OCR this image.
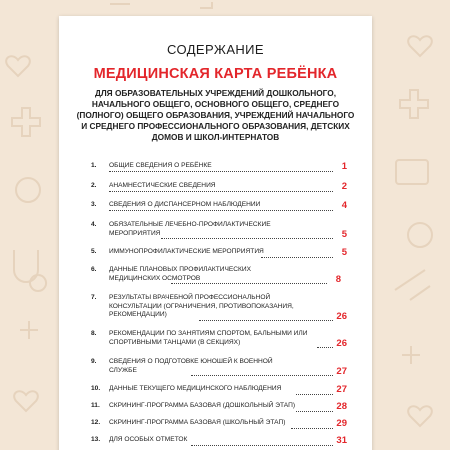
СОДЕРЖАНИЕ
МЕДИЦИНСКАЯ КАРТА РЕБЁНКА
ДЛЯ ОБРАЗОВАТЕЛЬНЫХ УЧРЕЖДЕНИЙ ДОШКОЛЬНОГО, НАЧАЛЬНОГО ОБЩЕГО, ОСНОВНОГО ОБЩЕГО, СРЕДНЕГО (ПОЛНОГО) ОБЩЕГО ОБРАЗОВАНИЯ, УЧРЕЖДЕНИЙ НАЧАЛЬНОГО И СРЕДНЕГО ПРОФЕССИОНАЛЬНОГО ОБРАЗОВАНИЯ, ДЕТСКИХ ДОМОВ И ШКОЛ-ИНТЕРНАТОВ
1.	ОБЩИЕ СВЕДЕНИЯ О РЕБЁНКЕ	1
2.	АНАМНЕСТИЧЕСКИЕ СВЕДЕНИЯ	2
3.	СВЕДЕНИЯ О ДИСПАНСЕРНОМ НАБЛЮДЕНИИ	4
4.	ОБЯЗАТЕЛЬНЫЕ ЛЕЧЕБНО-ПРОФИЛАКТИЧЕСКИЕ МЕРОПРИЯТИЯ	5
5.	ИММУНОПРОФИЛАКТИЧЕСКИЕ МЕРОПРИЯТИЯ	5
6.	ДАННЫЕ ПЛАНОВЫХ ПРОФИЛАКТИЧЕСКИХ МЕДИЦИНСКИХ ОСМОТРОВ	8
7.	РЕЗУЛЬТАТЫ ВРАЧЕБНОЙ ПРОФЕССИОНАЛЬНОЙ КОНСУЛЬТАЦИИ (ОГРАНИЧЕНИЯ, ПРОТИВОПОКАЗАНИЯ, РЕКОМЕНДАЦИИ)	26
8.	РЕКОМЕНДАЦИИ ПО ЗАНЯТИЯМ СПОРТОМ, БАЛЬНЫМИ ИЛИ СПОРТИВНЫМИ ТАНЦАМИ (В СЕКЦИЯХ)	26
9.	СВЕДЕНИЯ О ПОДГОТОВКЕ ЮНОШЕЙ К ВОЕННОЙ СЛУЖБЕ	27
10.	ДАННЫЕ ТЕКУЩЕГО МЕДИЦИНСКОГО НАБЛЮДЕНИЯ	27
11.	СКРИНИНГ-ПРОГРАММА БАЗОВАЯ (ДОШКОЛЬНЫЙ ЭТАП)	28
12.	СКРИНИНГ-ПРОГРАММА БАЗОВАЯ (ШКОЛЬНЫЙ ЭТАП)	29
13.	ДЛЯ ОСОБЫХ ОТМЕТОК	31
